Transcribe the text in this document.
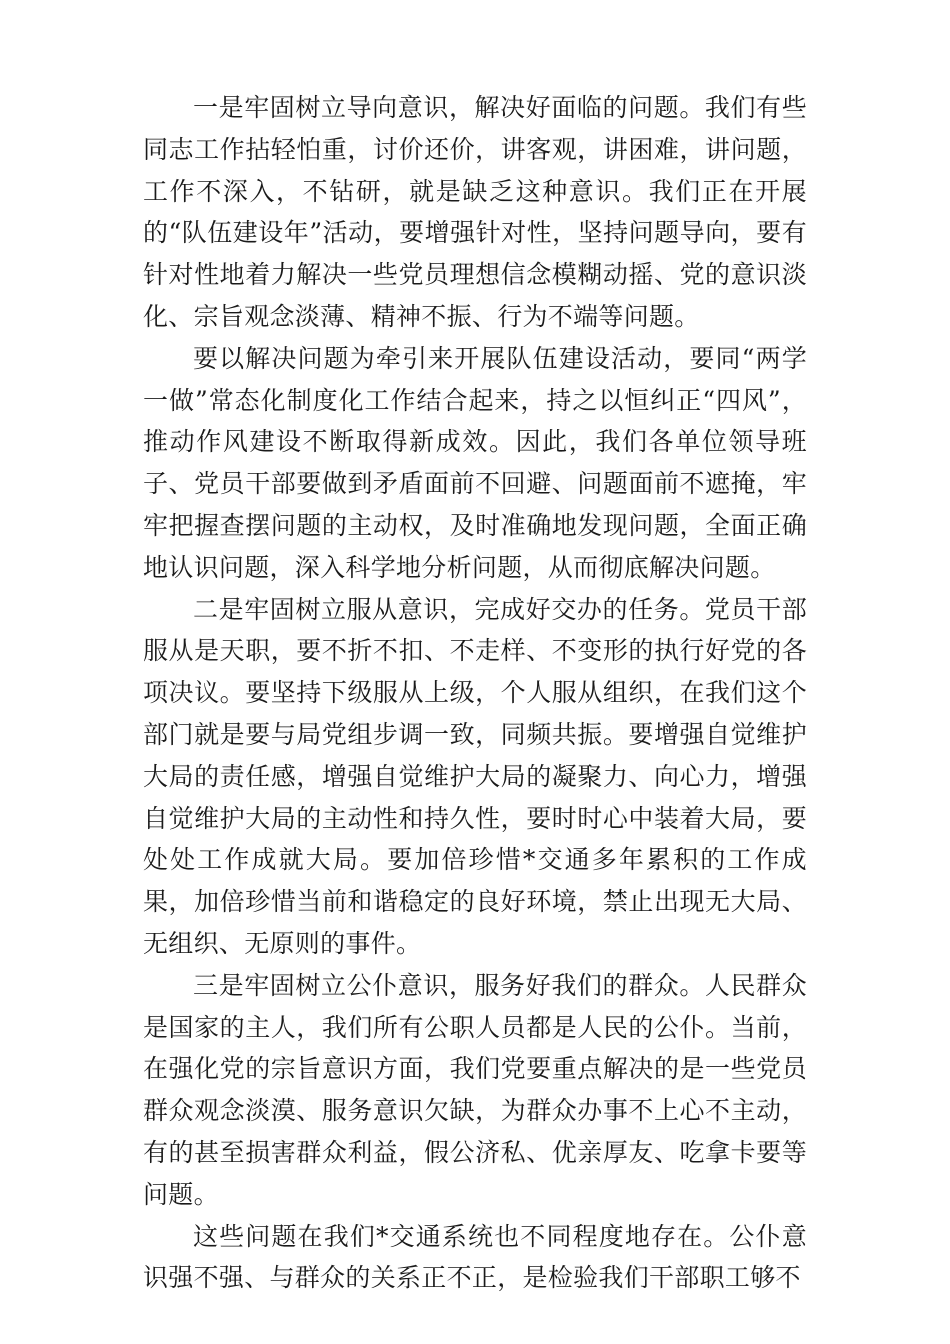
一是牢固树立导向意识，解决好面临的问题。我们有些同志工作拈轻怕重，讨价还价，讲客观，讲困难，讲问题，工作不深入，不钻研，就是缺乏这种意识。我们正在开展的“队伍建设年”活动，要增强针对性，坚持问题导向，要有针对性地着力解决一些党员理想信念模糊动摇、党的意识淡化、宗旨观念淡薄、精神不振、行为不端等问题。

要以解决问题为牵引来开展队伍建设活动，要同“两学一做”常态化制度化工作结合起来，持之以恒纠正“四风”，推动作风建设不断取得新成效。因此，我们各单位领导班子、党员干部要做到矛盾面前不回避、问题面前不遮掩，牢牢把握查摆问题的主动权，及时准确地发现问题，全面正确地认识问题，深入科学地分析问题，从而彻底解决问题。

二是牢固树立服从意识，完成好交办的任务。党员干部服从是天职，要不折不扣、不走样、不变形的执行好党的各项决议。要坚持下级服从上级，个人服从组织，在我们这个部门就是要与局党组步调一致，同频共振。要增强自觉维护大局的责任感，增强自觉维护大局的凝聚力、向心力，增强自觉维护大局的主动性和持久性，要时时心中装着大局，要处处工作成就大局。要加倍珍惜*交通多年累积的工作成果，加倍珍惜当前和谐稳定的良好环境，禁止出现无大局、无组织、无原则的事件。

三是牢固树立公仆意识，服务好我们的群众。人民群众是国家的主人，我们所有公职人员都是人民的公仆。当前，在强化党的宗旨意识方面，我们党要重点解决的是一些党员群众观念淡漠、服务意识欠缺，为群众办事不上心不主动，有的甚至损害群众利益，假公济私、优亲厚友、吃拿卡要等问题。

这些问题在我们*交通系统也不同程度地存在。公仆意识强不强、与群众的关系正不正，是检验我们干部职工够不
